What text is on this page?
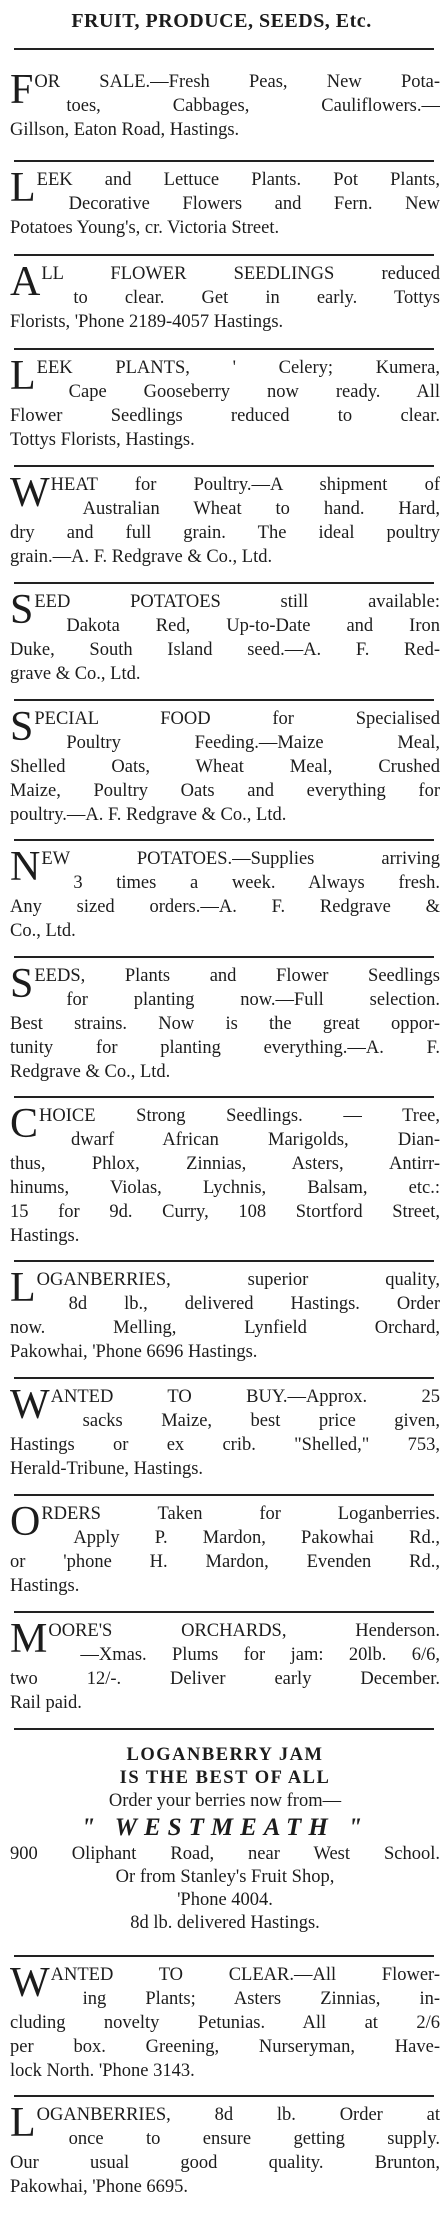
FRUIT, PRODUCE, SEEDS, Etc.
F OR SALE.—Fresh Peas, New Pota-
toes, Cabbages, Cauliflowers.—
Gillson, Eaton Road, Hastings.
L EEK and Lettuce Plants. Pot Plants,
Decorative Flowers and Fern. New
Potatoes Young's, cr. Victoria Street.
A LL FLOWER SEEDLINGS reduced
to clear. Get in early. Tottys
Florists, 'Phone 2189-4057 Hastings.
L EEK PLANTS, ' Celery; Kumera,
Cape Gooseberry now ready. All
Flower Seedlings reduced to clear.
Tottys Florists, Hastings.
W HEAT for Poultry.—A shipment of
Australian Wheat to hand. Hard,
dry and full grain. The ideal poultry
grain.—A. F. Redgrave & Co., Ltd.
S EED POTATOES still available:
Dakota Red, Up-to-Date and Iron
Duke, South Island seed.—A. F. Red-
grave & Co., Ltd.
S PECIAL FOOD for Specialised
Poultry Feeding.—Maize Meal,
Shelled Oats, Wheat Meal, Crushed
Maize, Poultry Oats and everything for
poultry.—A. F. Redgrave & Co., Ltd.
N EW POTATOES.—Supplies arriving
3 times a week. Always fresh.
Any sized orders.—A. F. Redgrave &
Co., Ltd.
S EEDS, Plants and Flower Seedlings
for planting now.—Full selection.
Best strains. Now is the great oppor-
tunity for planting everything.—A. F.
Redgrave & Co., Ltd.
C HOICE Strong Seedlings. — Tree,
dwarf African Marigolds, Dian-
thus, Phlox, Zinnias, Asters, Antirr-
hinums, Violas, Lychnis, Balsam, etc.:
15 for 9d. Curry, 108 Stortford Street,
Hastings.
L OGANBERRIES, superior quality,
8d lb., delivered Hastings. Order
now. Melling, Lynfield Orchard,
Pakowhai, 'Phone 6696 Hastings.
W ANTED TO BUY.—Approx. 25
sacks Maize, best price given,
Hastings or ex crib. "Shelled," 753,
Herald-Tribune, Hastings.
O RDERS Taken for Loganberries.
Apply P. Mardon, Pakowhai Rd.,
or 'phone H. Mardon, Evenden Rd.,
Hastings.
M OORE'S ORCHARDS, Henderson.
—Xmas. Plums for jam: 20lb. 6/6,
two 12/-. Deliver early December.
Rail paid.
LOGANBERRY JAM
IS THE BEST OF ALL
Order your berries now from—
" WESTMEATH "
900 Oliphant Road, near West School.
Or from Stanley's Fruit Shop,
'Phone 4004.
8d lb. delivered Hastings.
W ANTED TO CLEAR.—All Flower-
ing Plants; Asters Zinnias, in-
cluding novelty Petunias. All at 2/6
per box. Greening, Nurseryman, Have-
lock North. 'Phone 3143.
L OGANBERRIES, 8d lb. Order at
once to ensure getting supply.
Our usual good quality. Brunton,
Pakowhai, 'Phone 6695.
